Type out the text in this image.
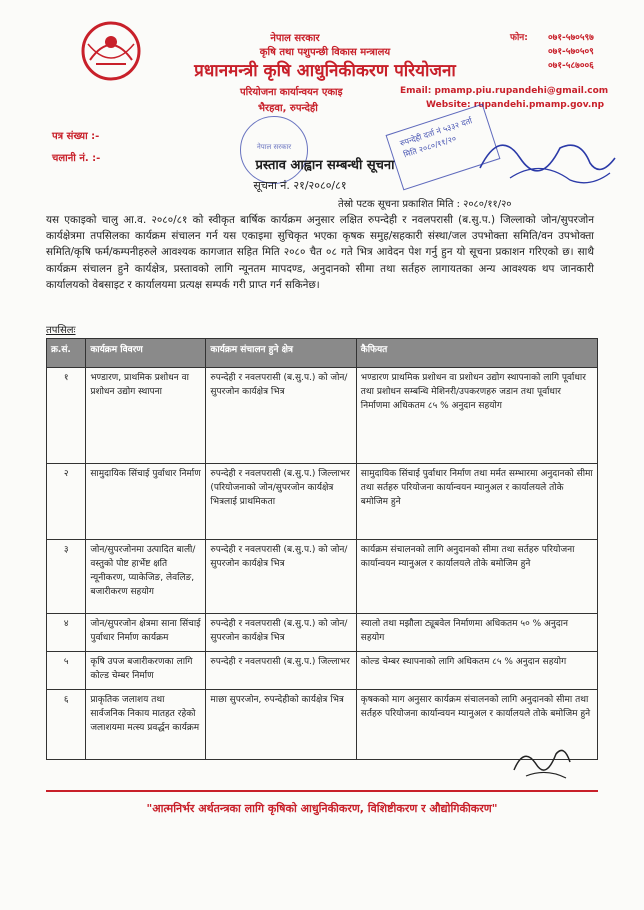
नेपाल सरकार
कृषि तथा पशुपन्छी विकास मन्त्रालय
प्रधानमन्त्री कृषि आधुनिकीकरण परियोजना
परियोजना कार्यान्वयन एकाइ
भैरहवा, रुपन्देही
फोन: ०७१-५७०५९७
०७१-५७०५०९
०७१-५८७००६
Email: pmamp.piu.rupandehi@gmail.com
Website: rupandehi.pmamp.gov.np
पत्र संख्या :-
चलानी नं. :-
नेपाल सरकार
प्रस्ताव आह्वान सम्बन्धी सूचना
सूचना नं. २१/२०८०/८१
रुपन्देही दर्ता नं ५३३२ दर्ता मिति २०८०/११/२०
तेस्रो पटक सूचना प्रकाशित मिति : २०८०/११/२०
यस एकाइको चालु आ.व. २०८०/८१ को स्वीकृत बार्षिक कार्यक्रम अनुसार लक्षित रुपन्देही र नवलपरासी (ब.सु.प.) जिल्लाको जोन/सुपरजोन कार्यक्षेत्रमा तपसिलका कार्यक्रम संचालन गर्न यस एकाइमा सुचिकृत भएका कृषक समुह/सहकारी संस्था/जल उपभोक्ता समिति/वन उपभोक्ता समिति/कृषि फर्म/कम्पनीहरुले आवश्यक कागजात सहित मिति २०८० चैत ०८ गते भित्र आवेदन पेश गर्नु हुन यो सूचना प्रकाशन गरिएको छ। साथै कार्यक्रम संचालन हुने कार्यक्षेत्र, प्रस्तावको लागि न्यूनतम मापदण्ड, अनुदानको सीमा तथा सर्तहरु लागायतका अन्य आवश्यक थप जानकारी कार्यालयको वेबसाइट र कार्यालयमा प्रत्यक्ष सम्पर्क गरी प्राप्त गर्न सकिनेछ।
तपसिलः
क्र.सं.	कार्यक्रम विवरण	कार्यक्रम संचालन हुने क्षेत्र	कैफियत
१	भण्डारण, प्राथमिक प्रशोधन वा प्रशोधन उद्योग स्थापना	रुपन्देही र नवलपरासी (ब.सु.प.) को जोन/सुपरजोन कार्यक्षेत्र भित्र	भण्डारण प्राथमिक प्रशोधन वा प्रशोधन उद्योग स्थापनाको लागि पूर्वाधार तथा प्रशोधन सम्बन्धि मेशिनरी/उपकरणहरु जडान तथा पूर्वाधार निर्माणमा अधिकतम ८५ % अनुदान सहयोग
२	सामुदायिक सिंचाई पुर्वाधार निर्माण	रुपन्देही र नवलपरासी (ब.सु.प.) जिल्लाभर (परियोजनाको जोन/सुपरजोन कार्यक्षेत्र भित्रलाई प्राथमिकता	सामुदायिक सिंचाई पुर्वाधार निर्माण तथा मर्मत सम्भारमा अनुदानको सीमा तथा सर्तहरु परियोजना कार्यान्वयन म्यानुअल र कार्यालयले तोके बमोजिम हुने
३	जोन/सुपरजोनमा उत्पादित बाली/वस्तुको पोष्ट हार्भेष्ट क्षति न्यूनीकरण, प्याकेजिङ, लेवलिङ, बजारीकरण सहयोग	रुपन्देही र नवलपरासी (ब.सु.प.) को जोन/सुपरजोन कार्यक्षेत्र भित्र	कार्यक्रम संचालनको लागि अनुदानको सीमा तथा सर्तहरु परियोजना कार्यान्वयन म्यानुअल र कार्यालयले तोके बमोजिम हुने
४	जोन/सुपरजोन क्षेत्रमा साना सिंचाई पुर्वाधार निर्माण कार्यक्रम	रुपन्देही र नवलपरासी (ब.सु.प.) को जोन/सुपरजोन कार्यक्षेत्र भित्र	स्यालो तथा मझौला ट्यूबवेल निर्माणमा अधिकतम ५० % अनुदान सहयोग
५	कृषि उपज बजारीकरणका लागि कोल्ड चेम्बर निर्माण	रुपन्देही र नवलपरासी (ब.सु.प.) जिल्लाभर	कोल्ड चेम्बर स्थापनाको लागि अधिकतम ८५ % अनुदान सहयोग
६	प्राकृतिक जलाशय तथा सार्वजनिक निकाय मातहत रहेको जलाशयमा मत्स्य प्रवर्द्धन कार्यक्रम	माछा सुपरजोन, रुपन्देहीको कार्यक्षेत्र भित्र	कृषकको माग अनुसार कार्यक्रम संचालनको लागि अनुदानको सीमा तथा सर्तहरु परियोजना कार्यान्वयन म्यानुअल र कार्यालयले तोके बमोजिम हुने
"आत्मनिर्भर अर्थतन्त्रका लागि कृषिको आधुनिकीकरण, विशिष्टीकरण र औद्योगिकीकरण"
